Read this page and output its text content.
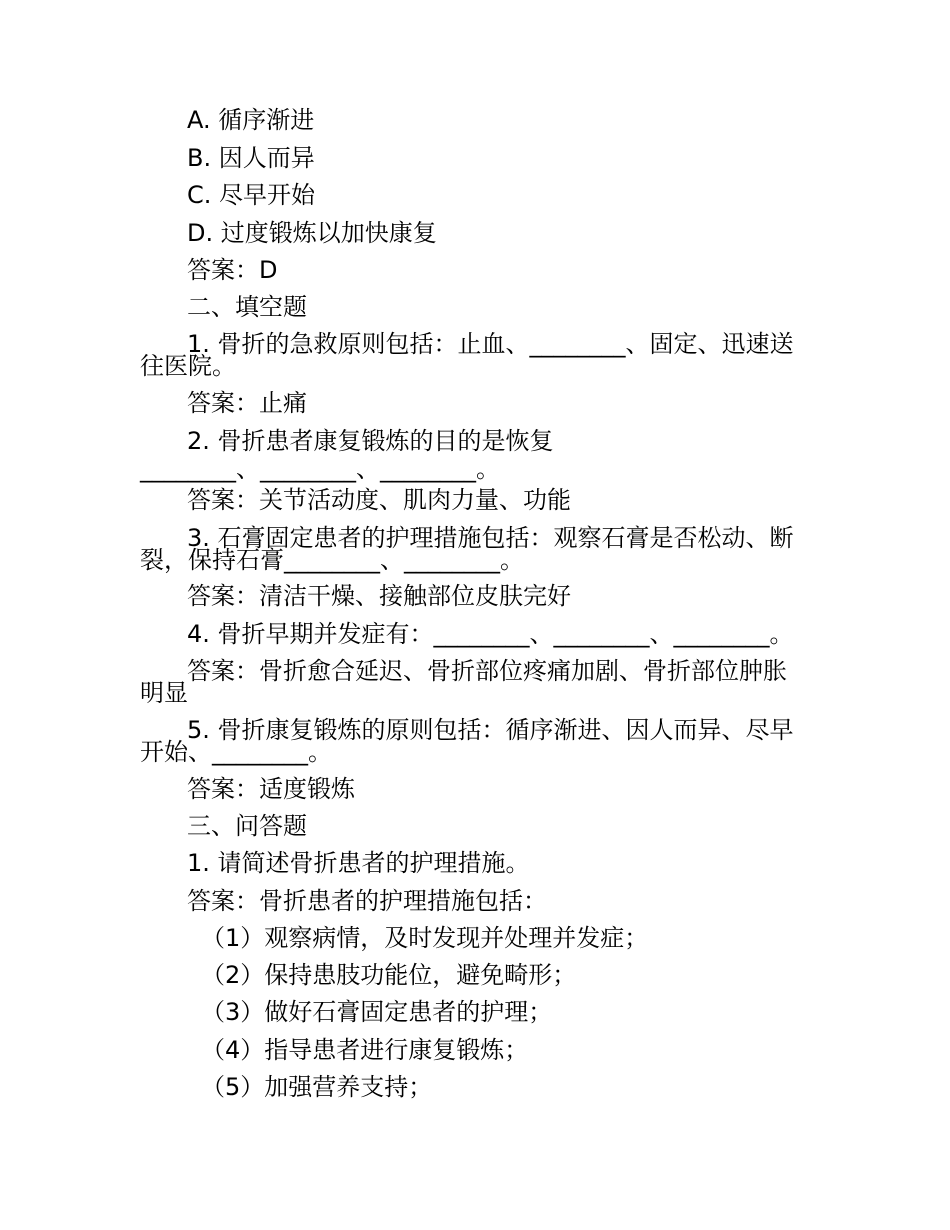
A. 循序渐进
B. 因人而异
C. 尽早开始
D. 过度锻炼以加快康复
答案：D
二、填空题
1. 骨折的急救原则包括：止血、________、固定、迅速送
往医院。
答案：止痛
2. 骨折患者康复锻炼的目的是恢复
________、________、________。
答案：关节活动度、肌肉力量、功能
3. 石膏固定患者的护理措施包括：观察石膏是否松动、断
裂，保持石膏________、________。
答案：清洁干燥、接触部位皮肤完好
4. 骨折早期并发症有：________、________、________。
答案：骨折愈合延迟、骨折部位疼痛加剧、骨折部位肿胀
明显
5. 骨折康复锻炼的原则包括：循序渐进、因人而异、尽早
开始、________。
答案：适度锻炼
三、问答题
1. 请简述骨折患者的护理措施。
答案：骨折患者的护理措施包括：
（1）观察病情，及时发现并处理并发症；
（2）保持患肢功能位，避免畸形；
（3）做好石膏固定患者的护理；
（4）指导患者进行康复锻炼；
（5）加强营养支持；
